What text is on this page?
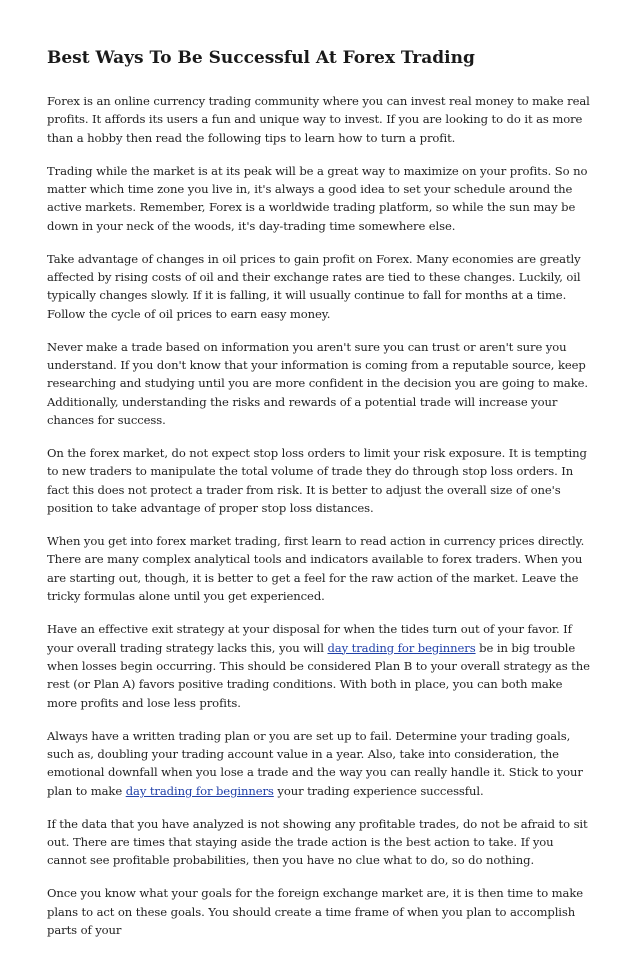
Best Ways To Be Successful At Forex Trading

Forex is an online currency trading community where you can invest real money to make real profits. It affords its users a fun and unique way to invest. If you are looking to do it as more than a hobby then read the following tips to learn how to turn a profit.

Trading while the market is at its peak will be a great way to maximize on your profits. So no matter which time zone you live in, it's always a good idea to set your schedule around the active markets. Remember, Forex is a worldwide trading platform, so while the sun may be down in your neck of the woods, it's day-trading time somewhere else.

Take advantage of changes in oil prices to gain profit on Forex. Many economies are greatly affected by rising costs of oil and their exchange rates are tied to these changes. Luckily, oil typically changes slowly. If it is falling, it will usually continue to fall for months at a time. Follow the cycle of oil prices to earn easy money.

Never make a trade based on information you aren't sure you can trust or aren't sure you understand. If you don't know that your information is coming from a reputable source, keep researching and studying until you are more confident in the decision you are going to make. Additionally, understanding the risks and rewards of a potential trade will increase your chances for success.

On the forex market, do not expect stop loss orders to limit your risk exposure. It is tempting to new traders to manipulate the total volume of trade they do through stop loss orders. In fact this does not protect a trader from risk. It is better to adjust the overall size of one's position to take advantage of proper stop loss distances.

When you get into forex market trading, first learn to read action in currency prices directly. There are many complex analytical tools and indicators available to forex traders. When you are starting out, though, it is better to get a feel for the raw action of the market. Leave the tricky formulas alone until you get experienced.

Have an effective exit strategy at your disposal for when the tides turn out of your favor. If your overall trading strategy lacks this, you will day trading for beginners be in big trouble when losses begin occurring. This should be considered Plan B to your overall strategy as the rest (or Plan A) favors positive trading conditions. With both in place, you can both make more profits and lose less profits.

Always have a written trading plan or you are set up to fail. Determine your trading goals, such as, doubling your trading account value in a year. Also, take into consideration, the emotional downfall when you lose a trade and the way you can really handle it. Stick to your plan to make day trading for beginners your trading experience successful.

If the data that you have analyzed is not showing any profitable trades, do not be afraid to sit out. There are times that staying aside the trade action is the best action to take. If you cannot see profitable probabilities, then you have no clue what to do, so do nothing.

Once you know what your goals for the foreign exchange market are, it is then time to make plans to act on these goals. You should create a time frame of when you plan to accomplish parts of your
